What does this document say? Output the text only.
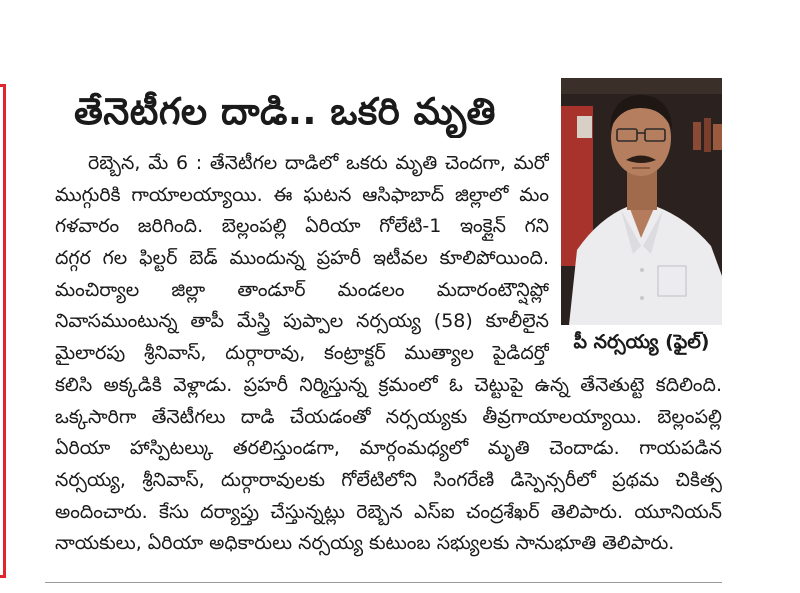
తేనెటీగల దాడి.. ఒకరి మృతి
రెబ్బెన, మే 6 : తేనెటీగల దాడిలో ఒకరు మృతి చెందగా, మరో
ముగ్గురికి గాయాలయ్యాయి. ఈ ఘటన ఆసిఫాబాద్ జిల్లాలో మం
గళవారం జరిగింది. బెల్లంపల్లి ఏరియా గోలేటి-1 ఇంక్లైన్ గని
దగ్గర గల ఫిల్టర్ బెడ్ ముందున్న ప్రహరీ ఇటీవల కూలిపోయింది.
మంచిర్యాల జిల్లా తాండూర్ మండలం మదారంటౌన్షిప్లో
నివాసముంటున్న తాపీ మేస్త్రి పుప్పాల నర్సయ్య (58) కూలీలైన
మైలారపు శ్రీనివాస్, దుర్గారావు, కంట్రాక్టర్ ముత్యాల పైడిదర్తో
కలిసి అక్కడికి వెళ్లాడు. ప్రహరీ నిర్మిస్తున్న క్రమంలో ఓ చెట్టుపై ఉన్న తేనెతుట్టె కదిలింది.
ఒక్కసారిగా తేనెటీగలు దాడి చేయడంతో నర్సయ్యకు తీవ్రగాయాలయ్యాయి. బెల్లంపల్లి
ఏరియా హాస్పిటల్కు తరలిస్తుండగా, మార్గంమధ్యలో మృతి చెందాడు. గాయపడిన
నర్సయ్య, శ్రీనివాస్, దుర్గారావులకు గోలేటిలోని సింగరేణి డిస్పెన్సరీలో ప్రథమ చికిత్స
అందించారు. కేసు దర్యాప్తు చేస్తున్నట్లు రెబ్బెన ఎస్ఐ చంద్రశేఖర్ తెలిపారు. యూనియన్
నాయకులు, ఏరియా అధికారులు నర్సయ్య కుటుంబ సభ్యులకు సానుభూతి తెలిపారు.
పీ నర్సయ్య (ఫైల్)
